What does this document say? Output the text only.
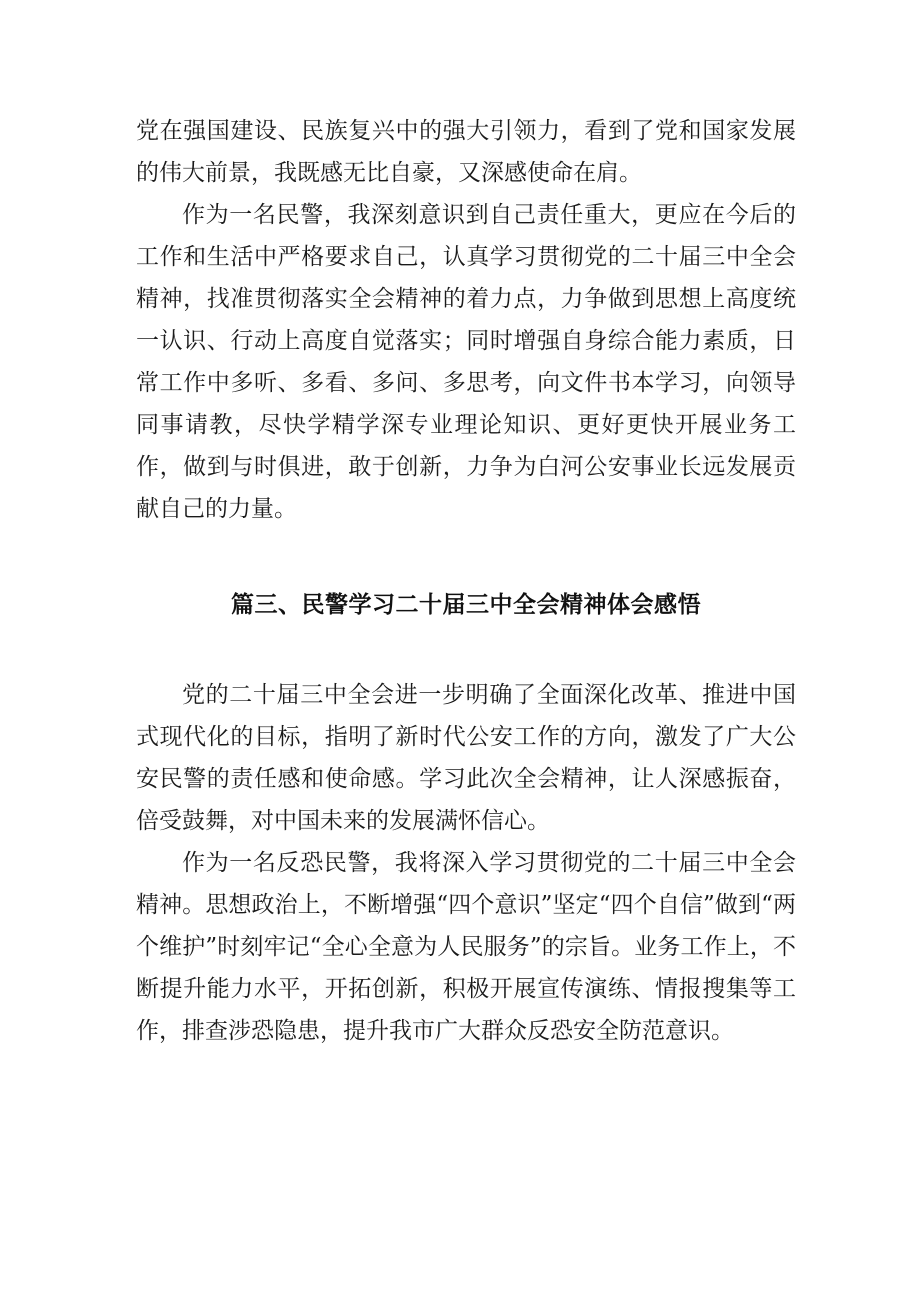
党在强国建设、民族复兴中的强大引领力，看到了党和国家发展的伟大前景，我既感无比自豪，又深感使命在肩。

作为一名民警，我深刻意识到自己责任重大，更应在今后的工作和生活中严格要求自己，认真学习贯彻党的二十届三中全会精神，找准贯彻落实全会精神的着力点，力争做到思想上高度统一认识、行动上高度自觉落实；同时增强自身综合能力素质，日常工作中多听、多看、多问、多思考，向文件书本学习，向领导同事请教，尽快学精学深专业理论知识、更好更快开展业务工作，做到与时俱进，敢于创新，力争为白河公安事业长远发展贡献自己的力量。

篇三、民警学习二十届三中全会精神体会感悟

党的二十届三中全会进一步明确了全面深化改革、推进中国式现代化的目标，指明了新时代公安工作的方向，激发了广大公安民警的责任感和使命感。学习此次全会精神，让人深感振奋，倍受鼓舞，对中国未来的发展满怀信心。

作为一名反恐民警，我将深入学习贯彻党的二十届三中全会精神。思想政治上，不断增强“四个意识”坚定“四个自信”做到“两个维护”时刻牢记“全心全意为人民服务”的宗旨。业务工作上，不断提升能力水平，开拓创新，积极开展宣传演练、情报搜集等工作，排查涉恐隐患，提升我市广大群众反恐安全防范意识。
